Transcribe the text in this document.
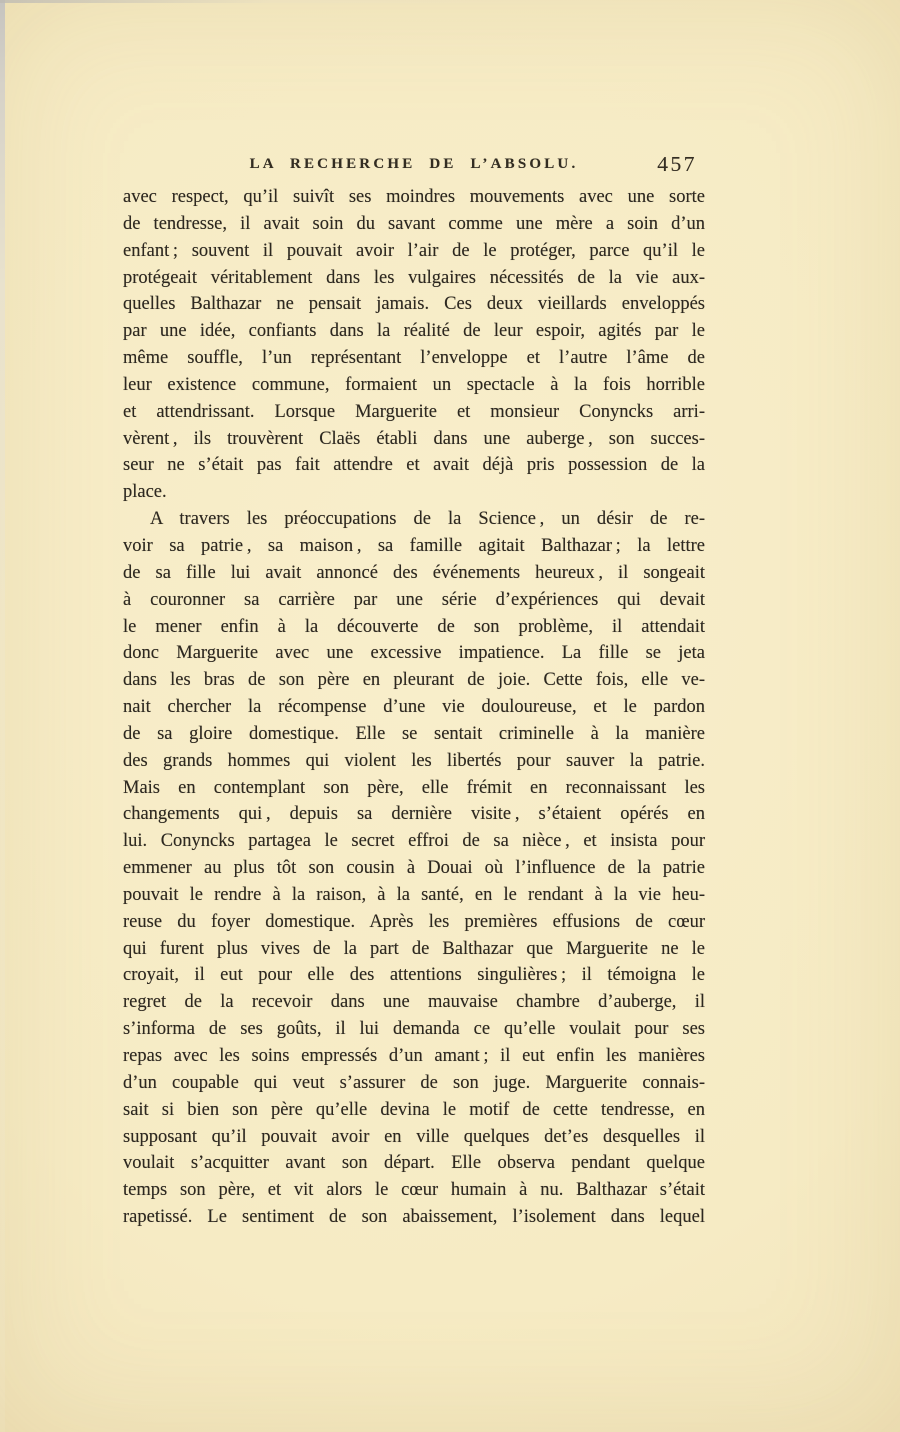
LA RECHERCHE DE L’ABSOLU.	457
avec respect, qu’il suivît ses moindres mouvements avec une sorte
de tendresse, il avait soin du savant comme une mère a soin d’un
enfant ; souvent il pouvait avoir l’air de le protéger, parce qu’il le
protégeait véritablement dans les vulgaires nécessités de la vie aux-
quelles Balthazar ne pensait jamais. Ces deux vieillards enveloppés
par une idée, confiants dans la réalité de leur espoir, agités par le
même souffle, l’un représentant l’enveloppe et l’autre l’âme de
leur existence commune, formaient un spectacle à la fois horrible
et attendrissant. Lorsque Marguerite et monsieur Conyncks arri-
vèrent , ils trouvèrent Claës établi dans une auberge , son succes-
seur ne s’était pas fait attendre et avait déjà pris possession de la
place.
A travers les préoccupations de la Science , un désir de re-
voir sa patrie , sa maison , sa famille agitait Balthazar ; la lettre
de sa fille lui avait annoncé des événements heureux , il songeait
à couronner sa carrière par une série d’expériences qui devait
le mener enfin à la découverte de son problème, il attendait
donc Marguerite avec une excessive impatience. La fille se jeta
dans les bras de son père en pleurant de joie. Cette fois, elle ve-
nait chercher la récompense d’une vie douloureuse, et le pardon
de sa gloire domestique. Elle se sentait criminelle à la manière
des grands hommes qui violent les libertés pour sauver la patrie.
Mais en contemplant son père, elle frémit en reconnaissant les
changements qui , depuis sa dernière visite , s’étaient opérés en
lui. Conyncks partagea le secret effroi de sa nièce , et insista pour
emmener au plus tôt son cousin à Douai où l’influence de la patrie
pouvait le rendre à la raison, à la santé, en le rendant à la vie heu-
reuse du foyer domestique. Après les premières effusions de cœur
qui furent plus vives de la part de Balthazar que Marguerite ne le
croyait, il eut pour elle des attentions singulières ; il témoigna le
regret de la recevoir dans une mauvaise chambre d’auberge, il
s’informa de ses goûts, il lui demanda ce qu’elle voulait pour ses
repas avec les soins empressés d’un amant ; il eut enfin les manières
d’un coupable qui veut s’assurer de son juge. Marguerite connais-
sait si bien son père qu’elle devina le motif de cette tendresse, en
supposant qu’il pouvait avoir en ville quelques det’es desquelles il
voulait s’acquitter avant son départ. Elle observa pendant quelque
temps son père, et vit alors le cœur humain à nu. Balthazar s’était
rapetissé. Le sentiment de son abaissement, l’isolement dans lequel
